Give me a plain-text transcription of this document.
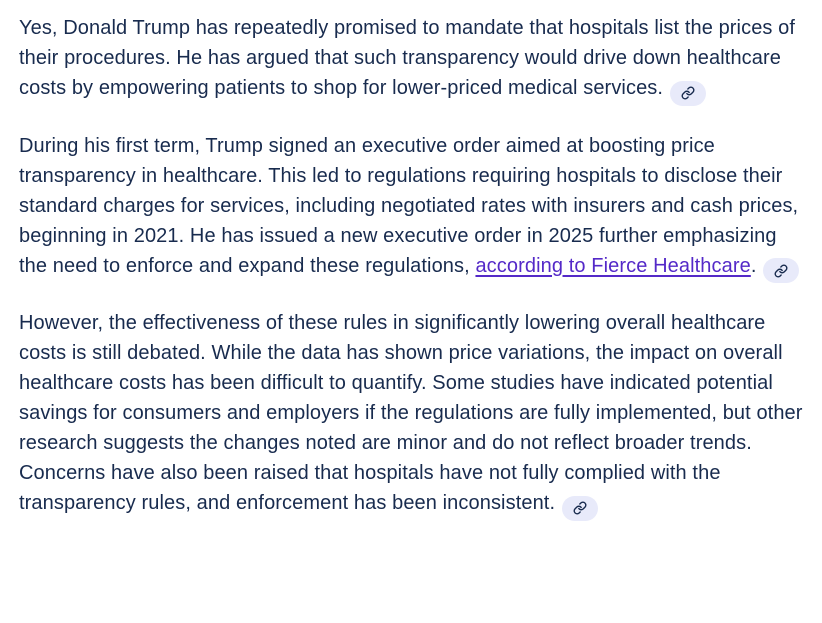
Yes, Donald Trump has repeatedly promised to mandate that hospitals list the prices of their procedures. He has argued that such transparency would drive down healthcare costs by empowering patients to shop for lower-priced medical services.

During his first term, Trump signed an executive order aimed at boosting price transparency in healthcare. This led to regulations requiring hospitals to disclose their standard charges for services, including negotiated rates with insurers and cash prices, beginning in 2021. He has issued a new executive order in 2025 further emphasizing the need to enforce and expand these regulations, according to Fierce Healthcare.

However, the effectiveness of these rules in significantly lowering overall healthcare costs is still debated. While the data has shown price variations, the impact on overall healthcare costs has been difficult to quantify. Some studies have indicated potential savings for consumers and employers if the regulations are fully implemented, but other research suggests the changes noted are minor and do not reflect broader trends. Concerns have also been raised that hospitals have not fully complied with the transparency rules, and enforcement has been inconsistent.
